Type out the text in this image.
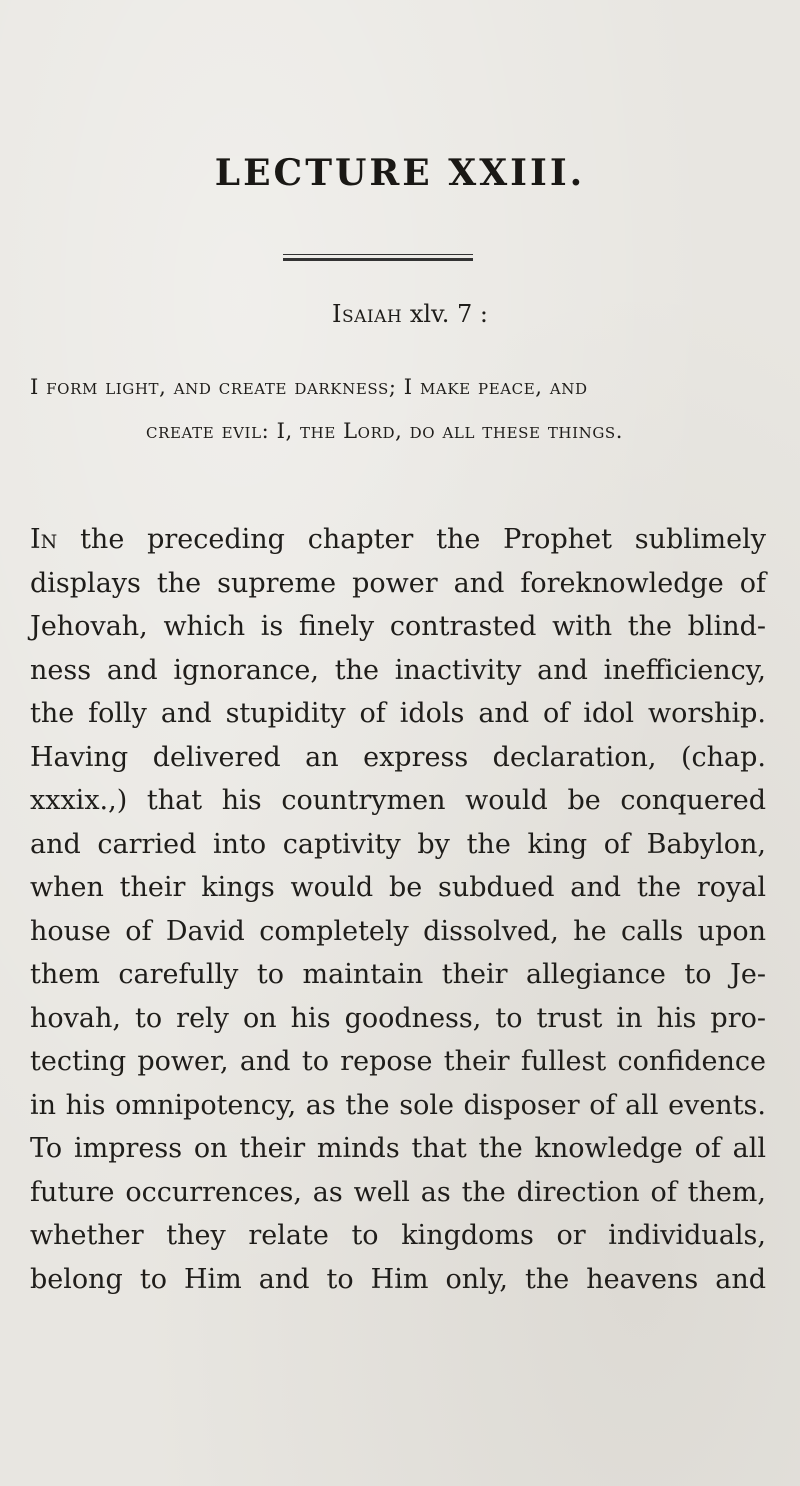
LECTURE XXIII.
Isaiah xlv. 7 :
I form light, and create darkness; I make peace, and
create evil: I, the Lord, do all these things.
In the preceding chapter the Prophet sublimely
displays the supreme power and foreknowledge of
Jehovah, which is finely contrasted with the blind-
ness and ignorance, the inactivity and inefficiency,
the folly and stupidity of idols and of idol worship.
Having delivered an express declaration, (chap.
xxxix.,) that his countrymen would be conquered
and carried into captivity by the king of Babylon,
when their kings would be subdued and the royal
house of David completely dissolved, he calls upon
them carefully to maintain their allegiance to Je-
hovah, to rely on his goodness, to trust in his pro-
tecting power, and to repose their fullest confidence
in his omnipotency, as the sole disposer of all events.
To impress on their minds that the knowledge of all
future occurrences, as well as the direction of them,
whether they relate to kingdoms or individuals,
belong to Him and to Him only, the heavens and
